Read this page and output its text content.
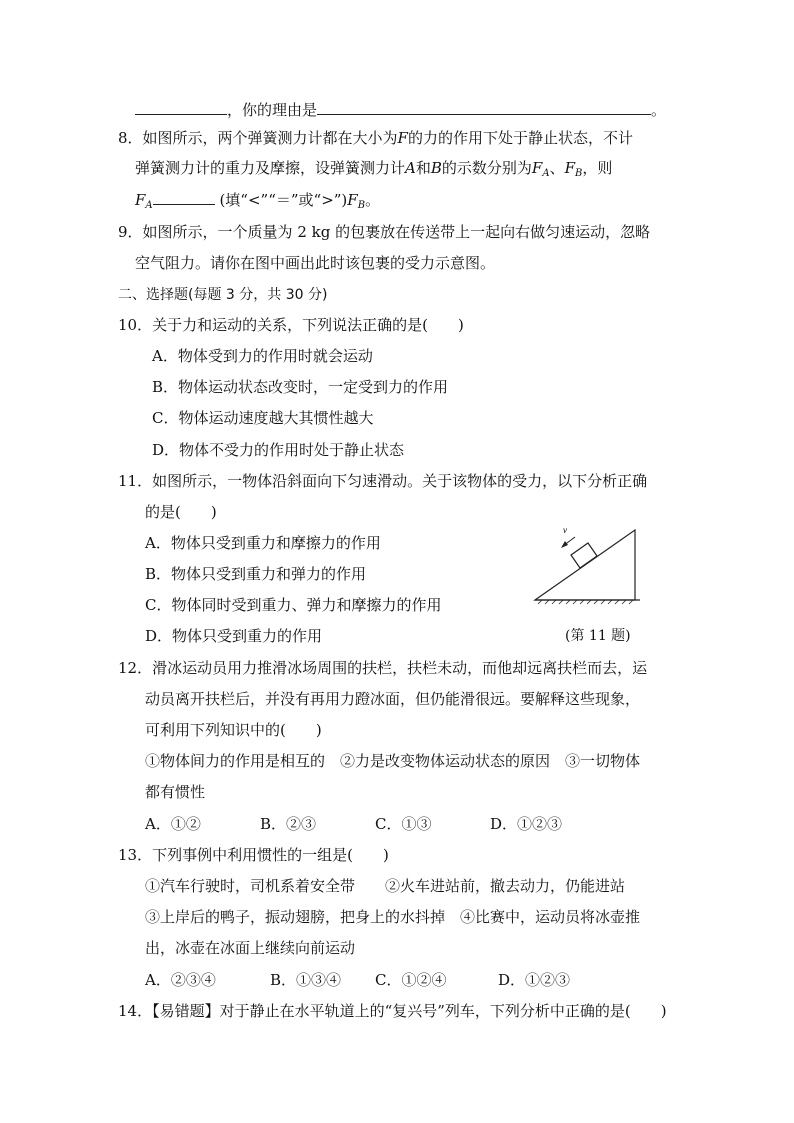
，你的理由是	。
8．如图所示，两个弹簧测力计都在大小为F的力的作用下处于静止状态，不计
弹簧测力计的重力及摩擦，设弹簧测力计A和B的示数分别为$F_A$、$F_B$，则
$F_A$	(填“<”“＝”或“$>”)F_B$。
9．如图所示，一个质量为 2 kg 的包裹放在传送带上一起向右做匀速运动，忽略
空气阻力。请你在图中画出此时该包裹的受力示意图。
二、选择题(每题 3 分，共 30 分)
10．关于力和运动的关系，下列说法正确的是(　　)
A．物体受到力的作用时就会运动
B．物体运动状态改变时，一定受到力的作用
C．物体运动速度越大其惯性越大
D．物体不受力的作用时处于静止状态
11．如图所示，一物体沿斜面向下匀速滑动。关于该物体的受力，以下分析正确
的是(　　)
A．物体只受到重力和摩擦力的作用
B．物体只受到重力和弹力的作用
C．物体同时受到重力、弹力和摩擦力的作用
D．物体只受到重力的作用
v
(第 11 题)
12．滑冰运动员用力推滑冰场周围的扶栏，扶栏未动，而他却远离扶栏而去，运
动员离开扶栏后，并没有再用力蹬冰面，但仍能滑很远。要解释这些现象，
可利用下列知识中的(　　)
①物体间力的作用是相互的　②力是改变物体运动状态的原因　③一切物体
都有惯性
A．①②	B．②③	C．①③	D．①②③
13．下列事例中利用惯性的一组是(　　)
①汽车行驶时，司机系着安全带　　②火车进站前，撤去动力，仍能进站
③上岸后的鸭子，振动翅膀，把身上的水抖掉　④比赛中，运动员将冰壶推
出，冰壶在冰面上继续向前运动
A．②③④	B．①③④ C．①②④	D．①②③
14．【易错题】对于静止在水平轨道上的“复兴号”列车，下列分析中正确的是(　　)
